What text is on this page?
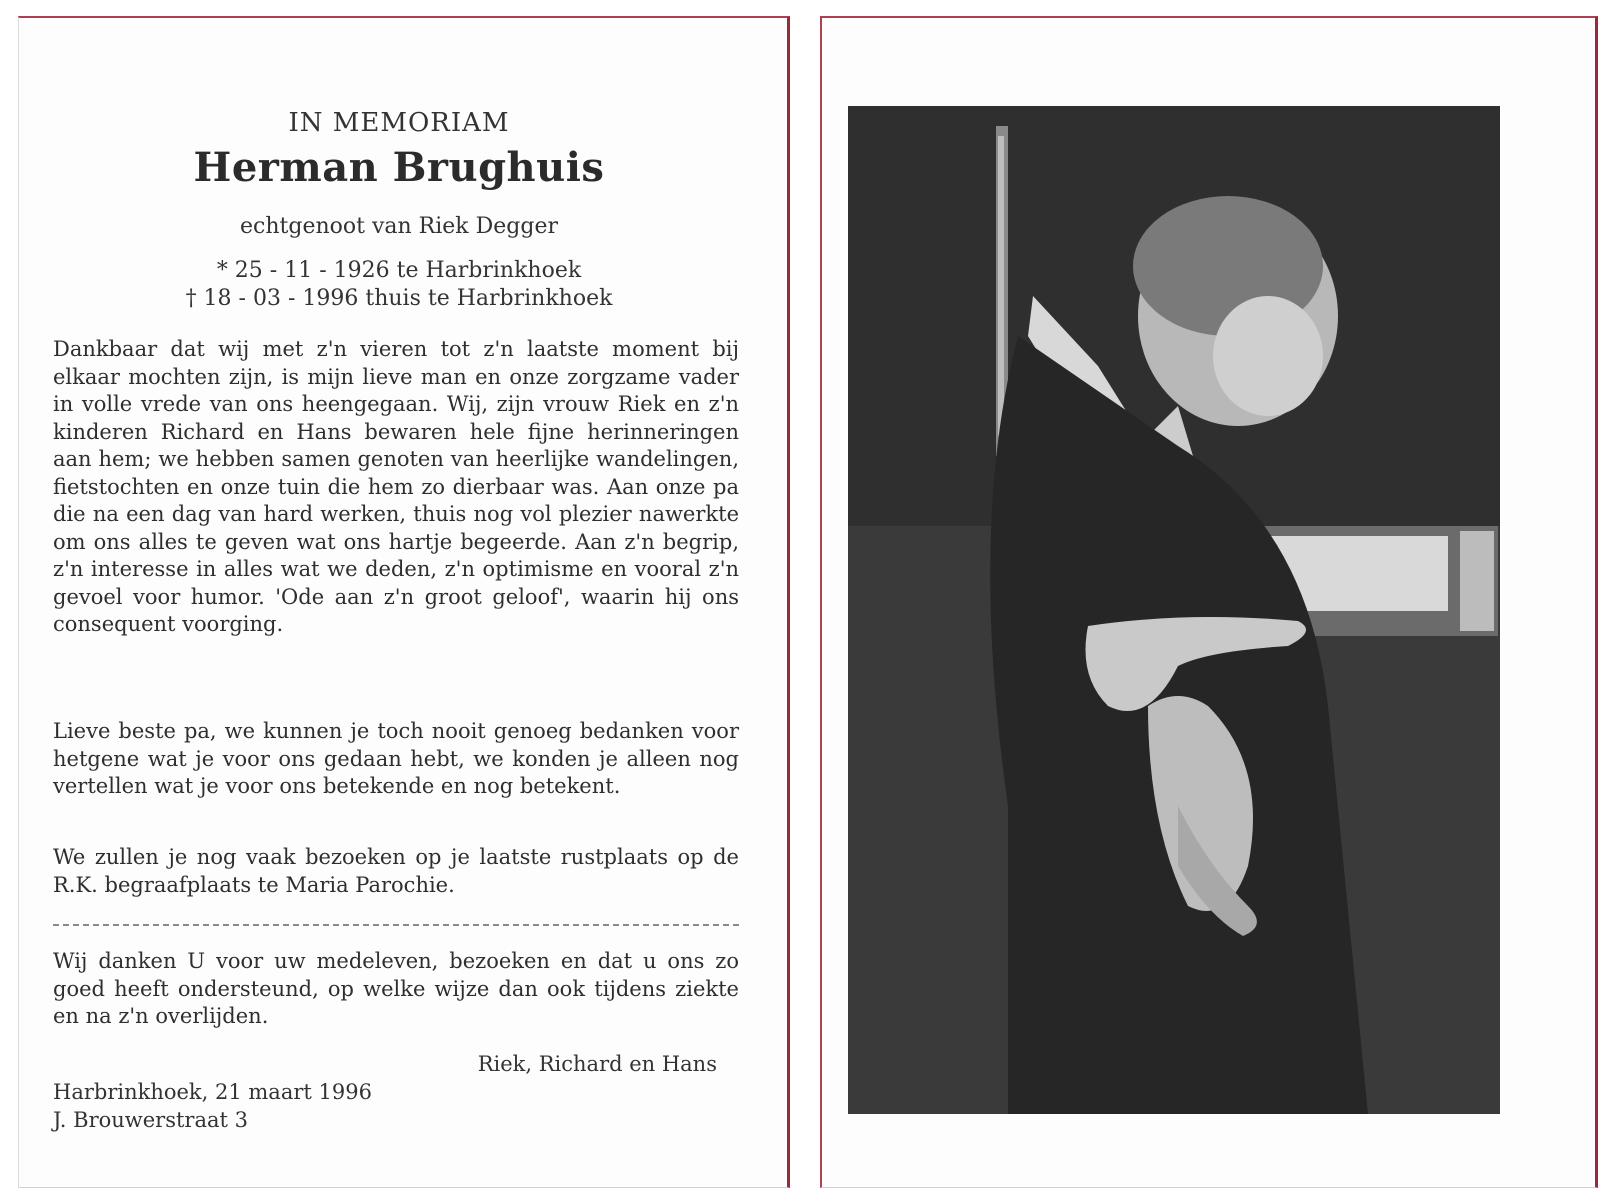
IN MEMORIAM
Herman Brughuis
echtgenoot van Riek Degger
* 25 - 11 - 1926 te Harbrinkhoek
† 18 - 03 - 1996 thuis te Harbrinkhoek
Dankbaar dat wij met z'n vieren tot z'n laatste moment bij elkaar mochten zijn, is mijn lieve man en onze zorgzame vader in volle vrede van ons heengegaan. Wij, zijn vrouw Riek en z'n kinderen Richard en Hans bewaren hele fijne herinneringen aan hem; we hebben samen genoten van heerlijke wandelingen, fietstochten en onze tuin die hem zo dierbaar was. Aan onze pa die na een dag van hard werken, thuis nog vol plezier nawerkte om ons alles te geven wat ons hartje begeerde. Aan z'n begrip, z'n interesse in alles wat we deden, z'n optimisme en vooral z'n gevoel voor humor. 'Ode aan z'n groot geloof', waarin hij ons consequent voorging.
Lieve beste pa, we kunnen je toch nooit genoeg bedanken voor hetgene wat je voor ons gedaan hebt, we konden je alleen nog vertellen wat je voor ons betekende en nog betekent.
We zullen je nog vaak bezoeken op je laatste rustplaats op de R.K. begraafplaats te Maria Parochie.
Wij danken U voor uw medeleven, bezoeken en dat u ons zo goed heeft ondersteund, op welke wijze dan ook tijdens ziekte en na z'n overlijden.
Riek, Richard en Hans
Harbrinkhoek, 21 maart 1996
J. Brouwerstraat 3
